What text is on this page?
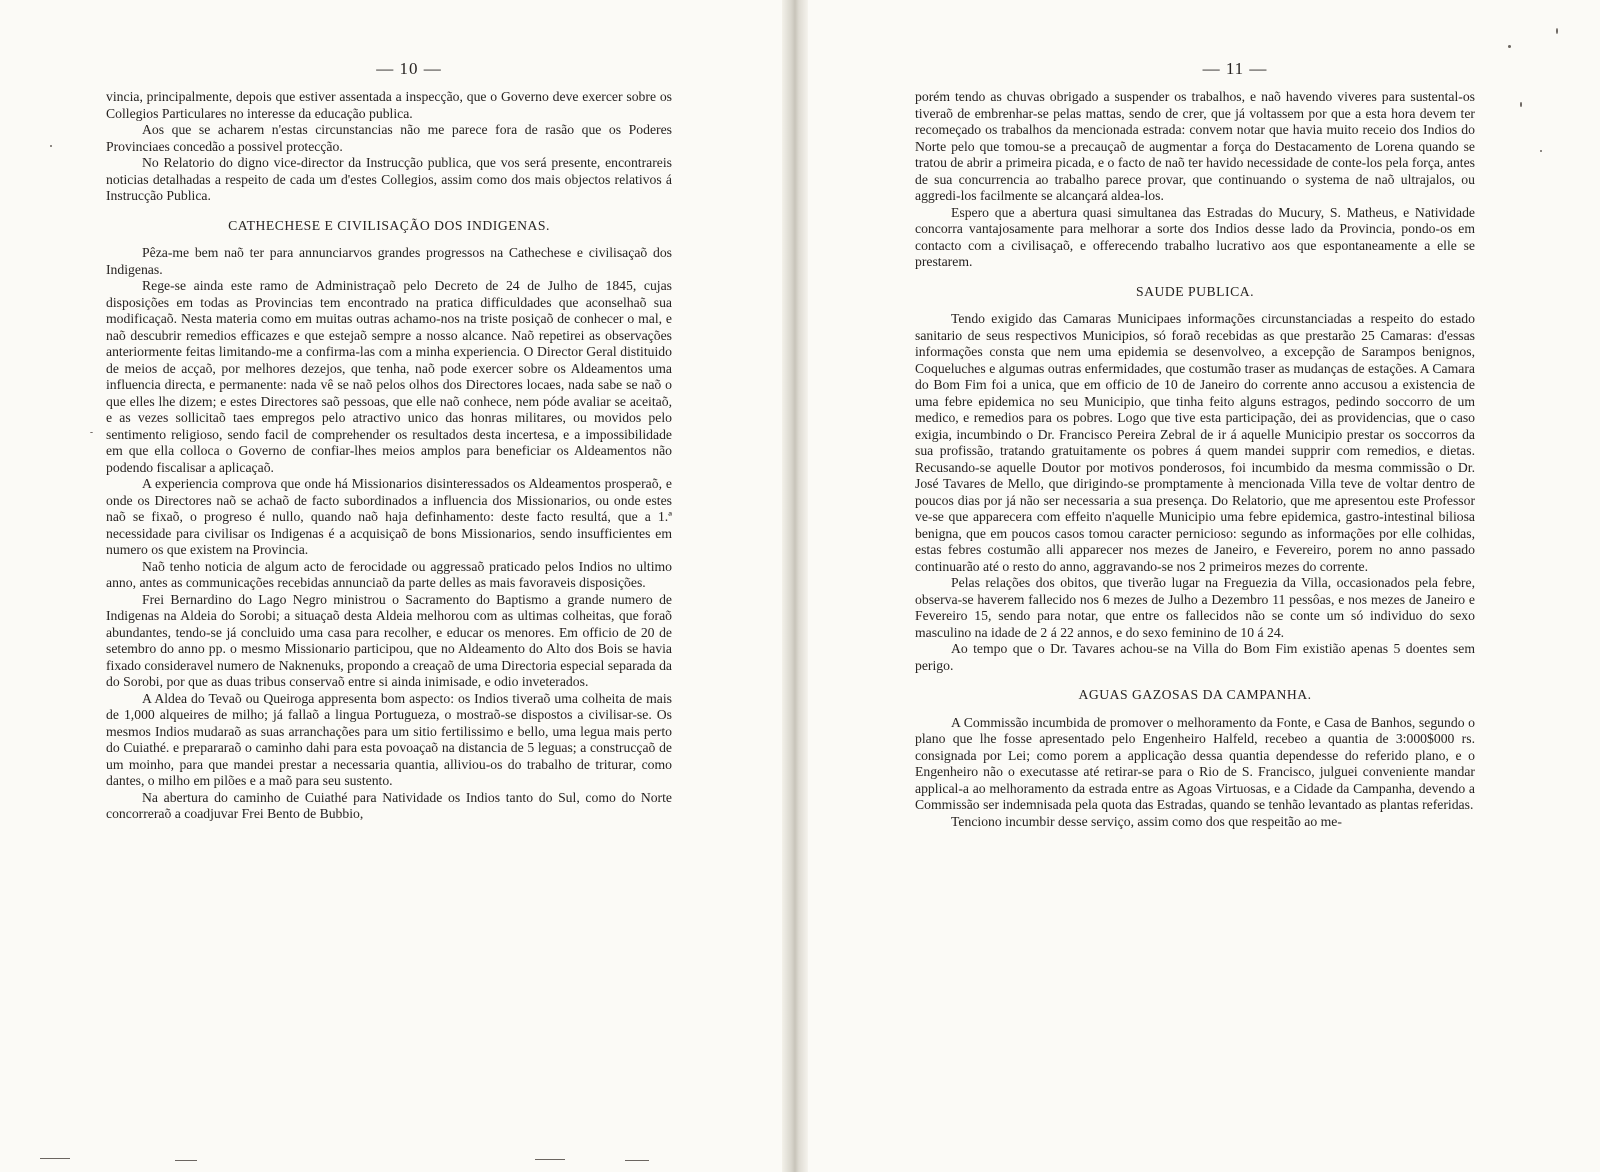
— 10 —

vincia, principalmente, depois que estiver assentada a inspecção, que o Governo deve exercer sobre os Collegios Particulares no interesse da educação publica.

Aos que se acharem n'estas circunstancias não me parece fora de rasão que os Poderes Provinciaes concedão a possivel protecção.

No Relatorio do digno vice-director da Instrucção publica, que vos será presente, encontrareis noticias detalhadas a respeito de cada um d'estes Collegios, assim como dos mais objectos relativos á Instrucção Publica.

CATHECHESE E CIVILISAÇÃO DOS INDIGENAS.

Pêza-me bem naõ ter para annunciarvos grandes progressos na Cathechese e civilisaçaõ dos Indigenas.

Rege-se ainda este ramo de Administraçaõ pelo Decreto de 24 de Julho de 1845, cujas disposições em todas as Provincias tem encontrado na pratica difficuldades que aconselhaõ sua modificaçaõ. Nesta materia como em muitas outras achamo-nos na triste posiçaõ de conhecer o mal, e naõ descubrir remedios efficazes e que estejaõ sempre a nosso alcance. Naõ repetirei as observações anteriormente feitas limitando-me a confirma-las com a minha experiencia. O Director Geral distituido de meios de acçaõ, por melhores dezejos, que tenha, naõ pode exercer sobre os Aldeamentos uma influencia directa, e permanente: nada vê se naõ pelos olhos dos Directores locaes, nada sabe se naõ o que elles lhe dizem; e estes Directores saõ pessoas, que elle naõ conhece, nem póde avaliar se aceitaõ, e as vezes sollicitaõ taes empregos pelo atractivo unico das honras militares, ou movidos pelo sentimento religioso, sendo facil de comprehender os resultados desta incertesa, e a impossibilidade em que ella colloca o Governo de confiar-lhes meios amplos para beneficiar os Aldeamentos não podendo fiscalisar a aplicaçaõ.

A experiencia comprova que onde há Missionarios disinteressados os Aldeamentos prosperaõ, e onde os Directores naõ se achaõ de facto subordinados a influencia dos Missionarios, ou onde estes naõ se fixaõ, o progreso é nullo, quando naõ haja definhamento: deste facto resultá, que a 1.ª necessidade para civilisar os Indigenas é a acquisiçaõ de bons Missionarios, sendo insufficientes em numero os que existem na Provincia.

Naõ tenho noticia de algum acto de ferocidade ou aggressaõ praticado pelos Indios no ultimo anno, antes as communicações recebidas annunciaõ da parte delles as mais favoraveis disposições.

Frei Bernardino do Lago Negro ministrou o Sacramento do Baptismo a grande numero de Indigenas na Aldeia do Sorobi; a situaçaõ desta Aldeia melhorou com as ultimas colheitas, que foraõ abundantes, tendo-se já concluido uma casa para recolher, e educar os menores. Em officio de 20 de setembro do anno pp. o mesmo Missionario participou, que no Aldeamento do Alto dos Bois se havia fixado consideravel numero de Naknenuks, propondo a creaçaõ de uma Directoria especial separada da do Sorobi, por que as duas tribus conservaõ entre si ainda inimisade, e odio inveterados.

A Aldea do Tevaõ ou Queiroga appresenta bom aspecto: os Indios tiveraõ uma colheita de mais de 1,000 alqueires de milho; já fallaõ a lingua Portugueza, o mostraõ-se dispostos a civilisar-se. Os mesmos Indios mudaraõ as suas arranchações para um sitio fertilissimo e bello, uma legua mais perto do Cuiathé. e prepararaõ o caminho dahi para esta povoaçaõ na distancia de 5 leguas; a construcçaõ de um moinho, para que mandei prestar a necessaria quantia, alliviou-os do trabalho de triturar, como dantes, o milho em pilões e a maõ para seu sustento.

Na abertura do caminho de Cuiathé para Natividade os Indios tanto do Sul, como do Norte concorreraõ a coadjuvar Frei Bento de Bubbio,

— 11 —

porém tendo as chuvas obrigado a suspender os trabalhos, e naõ havendo viveres para sustental-os tiveraõ de embrenhar-se pelas mattas, sendo de crer, que já voltassem por que a esta hora devem ter recomeçado os trabalhos da mencionada estrada: convem notar que havia muito receio dos Indios do Norte pelo que tomou-se a precauçaõ de augmentar a força do Destacamento de Lorena quando se tratou de abrir a primeira picada, e o facto de naõ ter havido necessidade de conte-los pela força, antes de sua concurrencia ao trabalho parece provar, que continuando o systema de naõ ultrajalos, ou aggredi-los facilmente se alcançará aldea-los.

Espero que a abertura quasi simultanea das Estradas do Mucury, S. Matheus, e Natividade concorra vantajosamente para melhorar a sorte dos Indios desse lado da Provincia, pondo-os em contacto com a civilisaçaõ, e offerecendo trabalho lucrativo aos que espontaneamente a elle se prestarem.

SAUDE PUBLICA.

Tendo exigido das Camaras Municipaes informações circunstanciadas a respeito do estado sanitario de seus respectivos Municipios, só foraõ recebidas as que prestarão 25 Camaras: d'essas informações consta que nem uma epidemia se desenvolveo, a excepção de Sarampos benignos, Coqueluches e algumas outras enfermidades, que costumão traser as mudanças de estações. A Camara do Bom Fim foi a unica, que em officio de 10 de Janeiro do corrente anno accusou a existencia de uma febre epidemica no seu Municipio, que tinha feito alguns estragos, pedindo soccorro de um medico, e remedios para os pobres. Logo que tive esta participação, dei as providencias, que o caso exigia, incumbindo o Dr. Francisco Pereira Zebral de ir á aquelle Municipio prestar os soccorros da sua profissão, tratando gratuitamente os pobres á quem mandei supprir com remedios, e dietas. Recusando-se aquelle Doutor por motivos ponderosos, foi incumbido da mesma commissão o Dr. José Tavares de Mello, que dirigindo-se promptamente à mencionada Villa teve de voltar dentro de poucos dias por já não ser necessaria a sua presença. Do Relatorio, que me apresentou este Professor ve-se que apparecera com effeito n'aquelle Municipio uma febre epidemica, gastro-intestinal biliosa benigna, que em poucos casos tomou caracter pernicioso: segundo as informações por elle colhidas, estas febres costumão alli apparecer nos mezes de Janeiro, e Fevereiro, porem no anno passado continuarão até o resto do anno, aggravando-se nos 2 primeiros mezes do corrente.

Pelas relações dos obitos, que tiverão lugar na Freguezia da Villa, occasionados pela febre, observa-se haverem fallecido nos 6 mezes de Julho a Dezembro 11 pessôas, e nos mezes de Janeiro e Fevereiro 15, sendo para notar, que entre os fallecidos não se conte um só individuo do sexo masculino na idade de 2 á 22 annos, e do sexo feminino de 10 á 24.

Ao tempo que o Dr. Tavares achou-se na Villa do Bom Fim existião apenas 5 doentes sem perigo.

AGUAS GAZOSAS DA CAMPANHA.

A Commissão incumbida de promover o melhoramento da Fonte, e Casa de Banhos, segundo o plano que lhe fosse apresentado pelo Engenheiro Halfeld, recebeo a quantia de 3:000$000 rs. consignada por Lei; como porem a applicação dessa quantia dependesse do referido plano, e o Engenheiro não o executasse até retirar-se para o Rio de S. Francisco, julguei conveniente mandar applical-a ao melhoramento da estrada entre as Agoas Virtuosas, e a Cidade da Campanha, devendo a Commissão ser indemnisada pela quota das Estradas, quando se tenhão levantado as plantas referidas.

Tenciono incumbir desse serviço, assim como dos que respeitão ao me-
